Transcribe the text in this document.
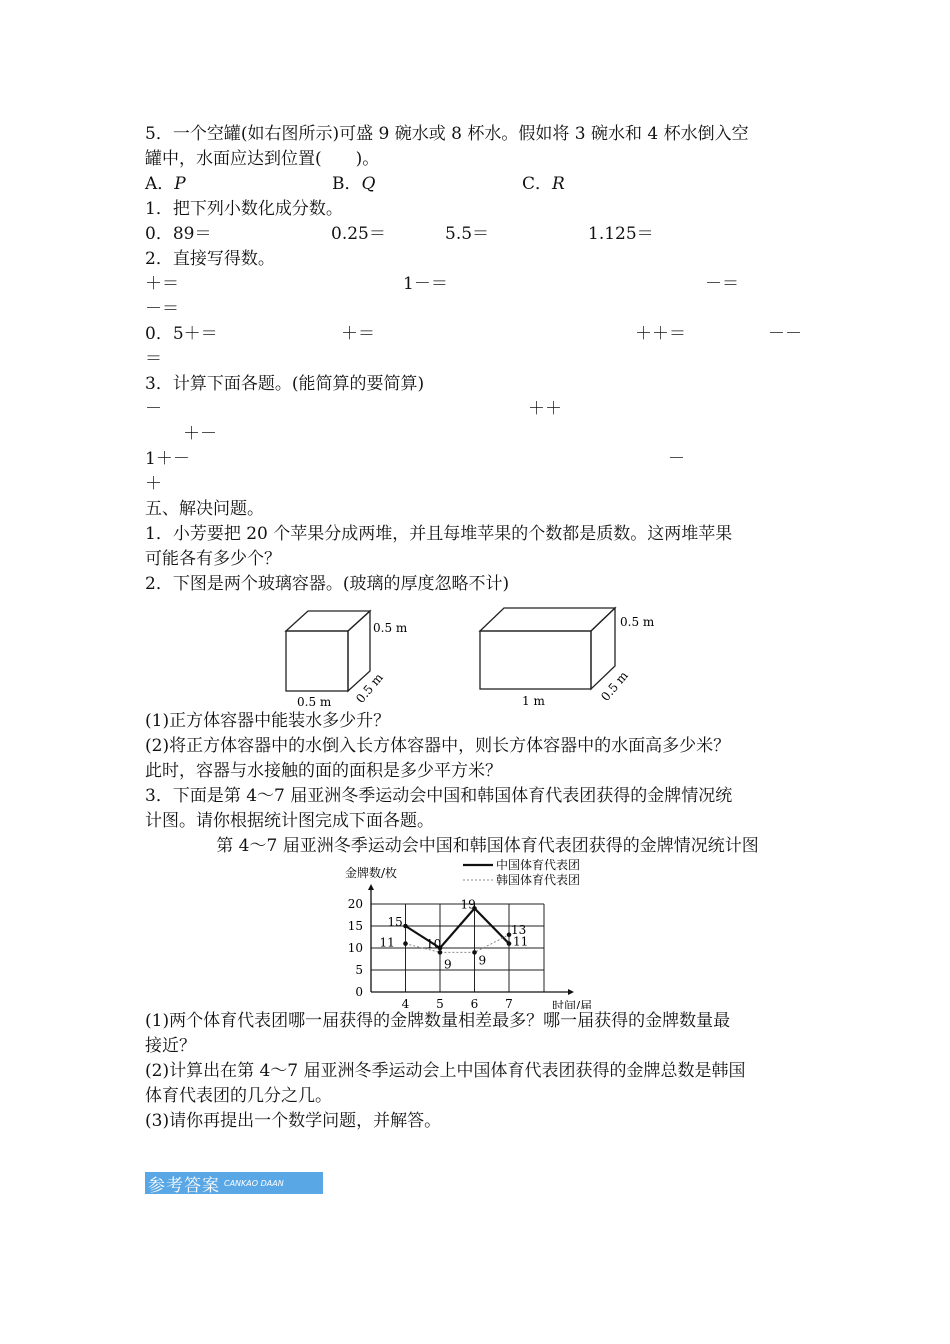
5．一个空罐(如右图所示)可盛 9 碗水或 8 杯水。假如将 3 碗水和 4 杯水倒入空
罐中，水面应达到位置(　　)。
A．P	B．Q	C．R
1．把下列小数化成分数。
0．89＝	0.25＝	5.5＝	1.125＝
2．直接写得数。
＋＝	1－＝	－＝
－＝
0．5＋＝	＋＝	＋＋＝	－－
＝
3．计算下面各题。(能简算的要简算)
－	＋＋
＋－
1＋－	－
＋
五、解决问题。
1．小芳要把 20 个苹果分成两堆，并且每堆苹果的个数都是质数。这两堆苹果
可能各有多少个？
2．下图是两个玻璃容器。(玻璃的厚度忽略不计)
0.5 m
0.5 m 0.5 m
0.5 m
1 m	0.5 m
(1)正方体容器中能装水多少升？
(2)将正方体容器中的水倒入长方体容器中，则长方体容器中的水面高多少米？
此时，容器与水接触的面的面积是多少平方米？
3．下面是第 4～7 届亚洲冬季运动会中国和韩国体育代表团获得的金牌情况统
计图。请你根据统计图完成下面各题。
第 4～7 届亚洲冬季运动会中国和韩国体育代表团获得的金牌情况统计图
0
5
10
15
20
4 5 6 7
金牌数/枚
时间/届
中国体育代表团
韩国体育代表团
15
10
19
11
11
9 9
13
(1)两个体育代表团哪一届获得的金牌数量相差最多？哪一届获得的金牌数量最
接近？
(2)计算出在第 4～7 届亚洲冬季运动会上中国体育代表团获得的金牌总数是韩国
体育代表团的几分之几。
(3)请你再提出一个数学问题，并解答。
参考答案 CANKAO DAAN
